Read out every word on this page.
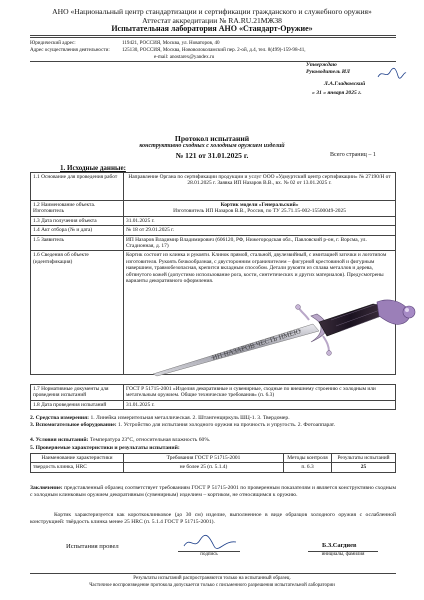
АНО «Национальный центр стандартизации и сертификации гражданского и служебного оружия»
Аттестат аккредитации № RA.RU.21MЖ38
Испытательная лаборатория АНО «Стандарт-Оружие»
Юридический адрес:	119421, РОССИЯ, Москва, ул. Новаторов, 40
Адрес осуществления деятельности: 125130, РОССИЯ, Москва, Нововолоколамский пер. 2-ой, д.4, тел. 8(499)-159-98-41,
e-mail: anostarex@yandex.ru
Утверждаю
Руководитель ИЛ
Л.А.Гладковский
« 31 » января 2025 г.
Протокол испытаний
конструктивно сходных с холодным оружием изделий
№ 121 от 31.01.2025 г.	Всего страниц – 1
1. Исходные данные:
1.1 Основание для проведения работ	Направление Органа по сертификации продукции и услуг ООО «Удмуртский центр сертификации» № 27190/Н от 28.01.2025 г. Заявка ИП Назаров В.В., вх. № 02 от 13.01.2025 г.
1.2 Наименование объекта. Изготовитель	Кортик модели «Генеральский»
Изготовитель ИП Назаров В.В., Россия, по ТУ 25.71.15-002-15500049-2025

1.3 Дата получения объекта	31.01.2025 г.
1.4 Акт отбора (№ и дата)	№ 18 от 29.01.2025 г.
1.5 Заявитель	ИП Назаров Владимир Владимирович (606120, РФ, Нижегородская обл., Павловский р-он, г. Ворсма, ул. Стадионная, д. 17)
1.6 Сведения об объекте (идентификация)	Кортик состоит из клинка и рукояти. Клинок прямой, стальной, двулезвийный, с имитацией заточки и логотипом изготовителя. Рукоять бочкообразная, с двусторонним ограничителем – фигурной крестовиной и фигурным навершием, травмобезопасная, крепится вкладным способом. Детали рукояти из сплава металлов и дерева, обтянутого кожей (допустимо использование рога, кости, синтетических и других материалов). Предусмотрены варианты декоративного оформления.
ИП НАЗАРОВ ЧЕСТЬ ИМЕЮ
1.7 Нормативные документы для проведения испытаний	ГОСТ Р 51715-2001 «Изделия декоративные и сувенирные, сходные по внешнему строению с холодным или метательным оружием. Общие технические требования» (п. 6.3)
1.8 Дата проведения испытаний	31.01.2025 г.
2. Средства измерения: 1. Линейка измерительная металлическая. 2. Штангенциркуль ШЦ-1. 3. Твердомер.
3. Вспомогательное оборудование: 1. Устройство для испытания холодного оружия на прочность и упругость. 2. Фотоаппарат.
4. Условия испытаний: Температура 23°C, относительная влажность 60%.
5. Проверяемые характеристики и результаты испытаний:
Наименование характеристики	Требования ГОСТ Р 51715-2001	Методы контроля	Результаты испытаний
твердость клинка, HRC	не более 25 (п. 5.1.4)	п. 6.3	25
Заключение: представленный образец соответствует требованиям ГОСТ Р 51715-2001 по проверенным показателям и является конструктивно сходным с холодным клинковым оружием декоративным (сувенирным) изделием – кортиком, не относящимся к оружию.
Кортик характеризуется как короткоклинковое (до 30 см) изделие, выполненное в виде образцов холодного оружия с ослабленной конструкцией: твёрдость клинка менее 25 HRC (п. 5.1.4 ГОСТ Р 51715-2001).
Испытания провел
подпись
Б.З.Сагдиев
инициалы, фамилия
Результаты испытаний распространяются только на испытанный образец.
Частичное воспроизведение протокола допускается только с письменного разрешения испытательной лаборатории
